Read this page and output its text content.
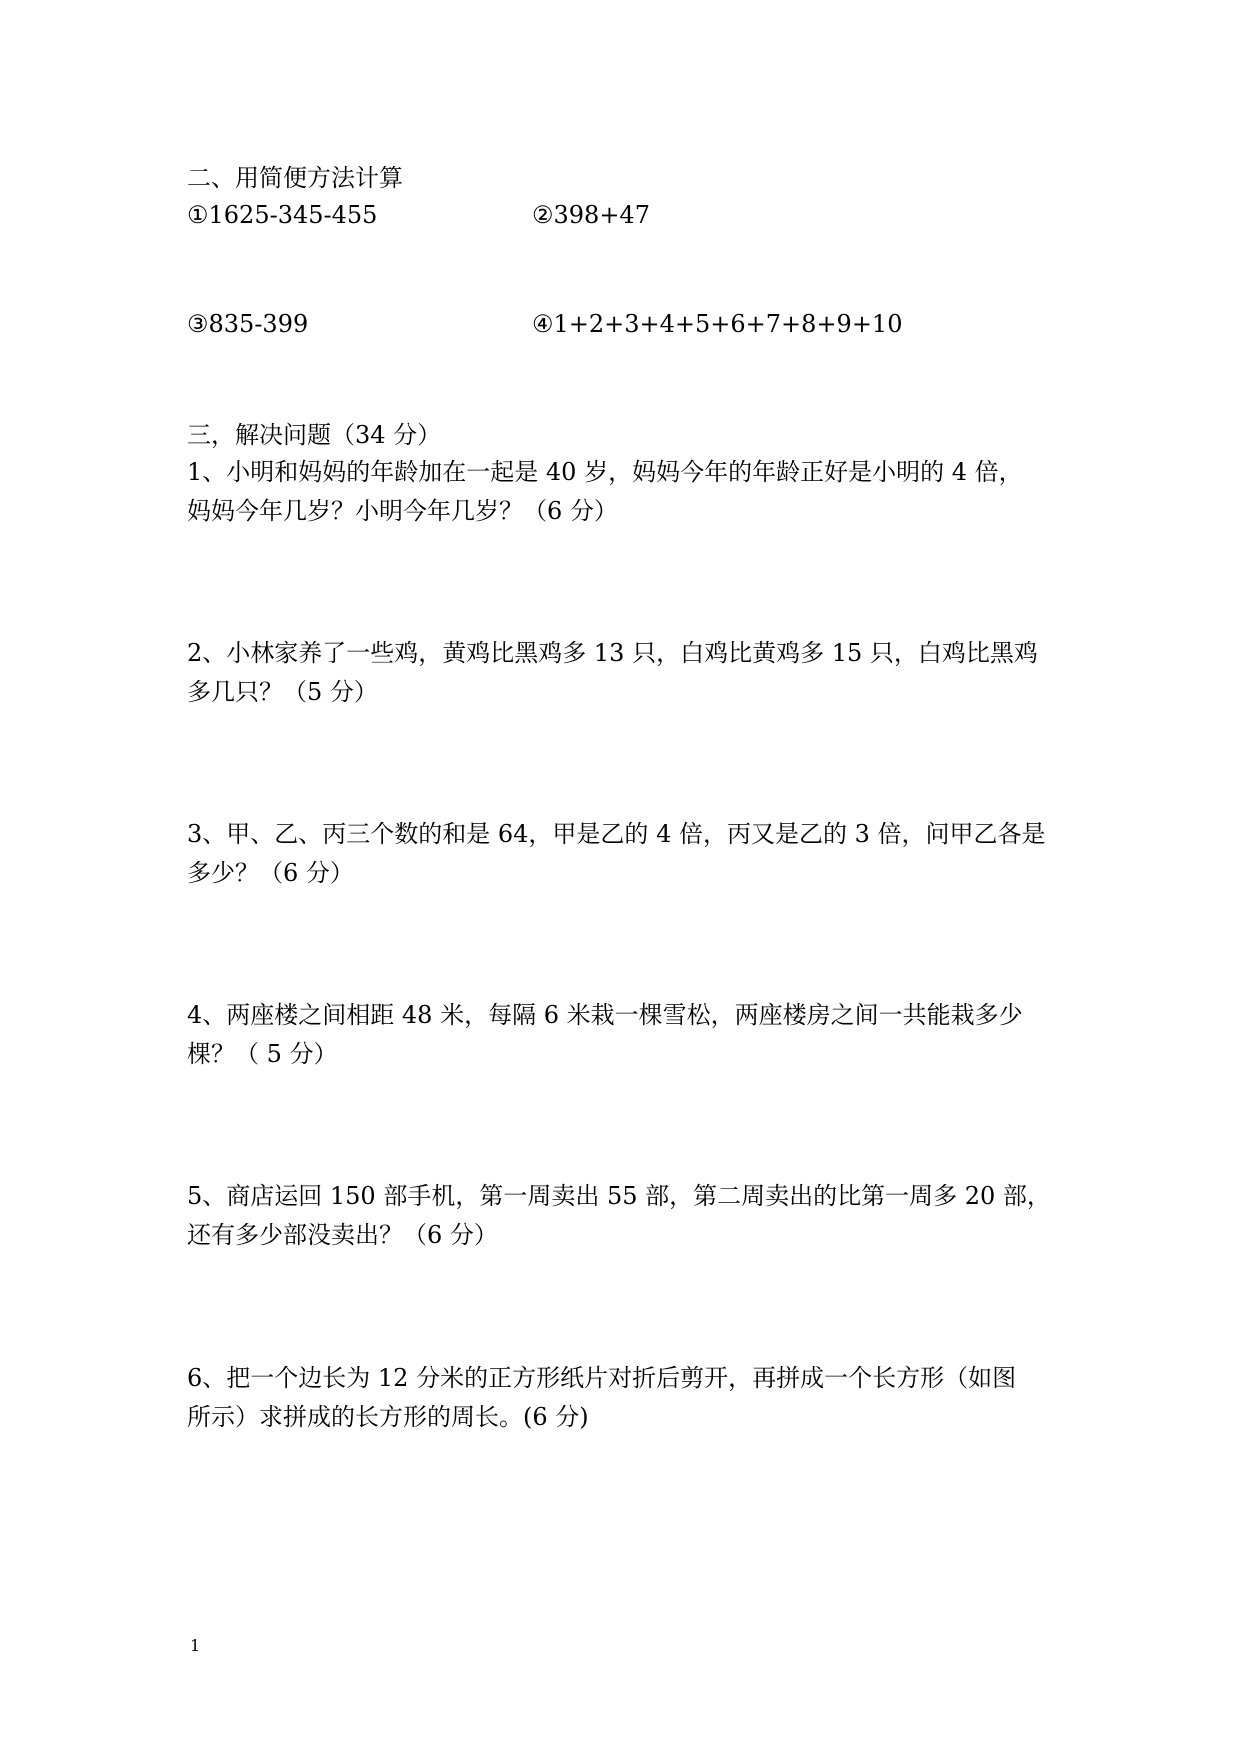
二、用简便方法计算
①1625-345-455	②398+47
③835-399	④1+2+3+4+5+6+7+8+9+10
三，解决问题（34 分）
1、小明和妈妈的年龄加在一起是 40 岁，妈妈今年的年龄正好是小明的 4 倍，
妈妈今年几岁？小明今年几岁？（6 分）
2、小林家养了一些鸡，黄鸡比黑鸡多 13 只，白鸡比黄鸡多 15 只，白鸡比黑鸡
多几只？（5 分）
3、甲、乙、丙三个数的和是 64，甲是乙的 4 倍，丙又是乙的 3 倍，问甲乙各是
多少？（6 分）
4、两座楼之间相距 48 米，每隔 6 米栽一棵雪松，两座楼房之间一共能栽多少
棵？（ 5 分）
5、商店运回 150 部手机，第一周卖出 55 部，第二周卖出的比第一周多 20 部，
还有多少部没卖出？（6 分）
6、把一个边长为 12 分米的正方形纸片对折后剪开，再拼成一个长方形（如图
所示）求拼成的长方形的周长。(6 分)
1
